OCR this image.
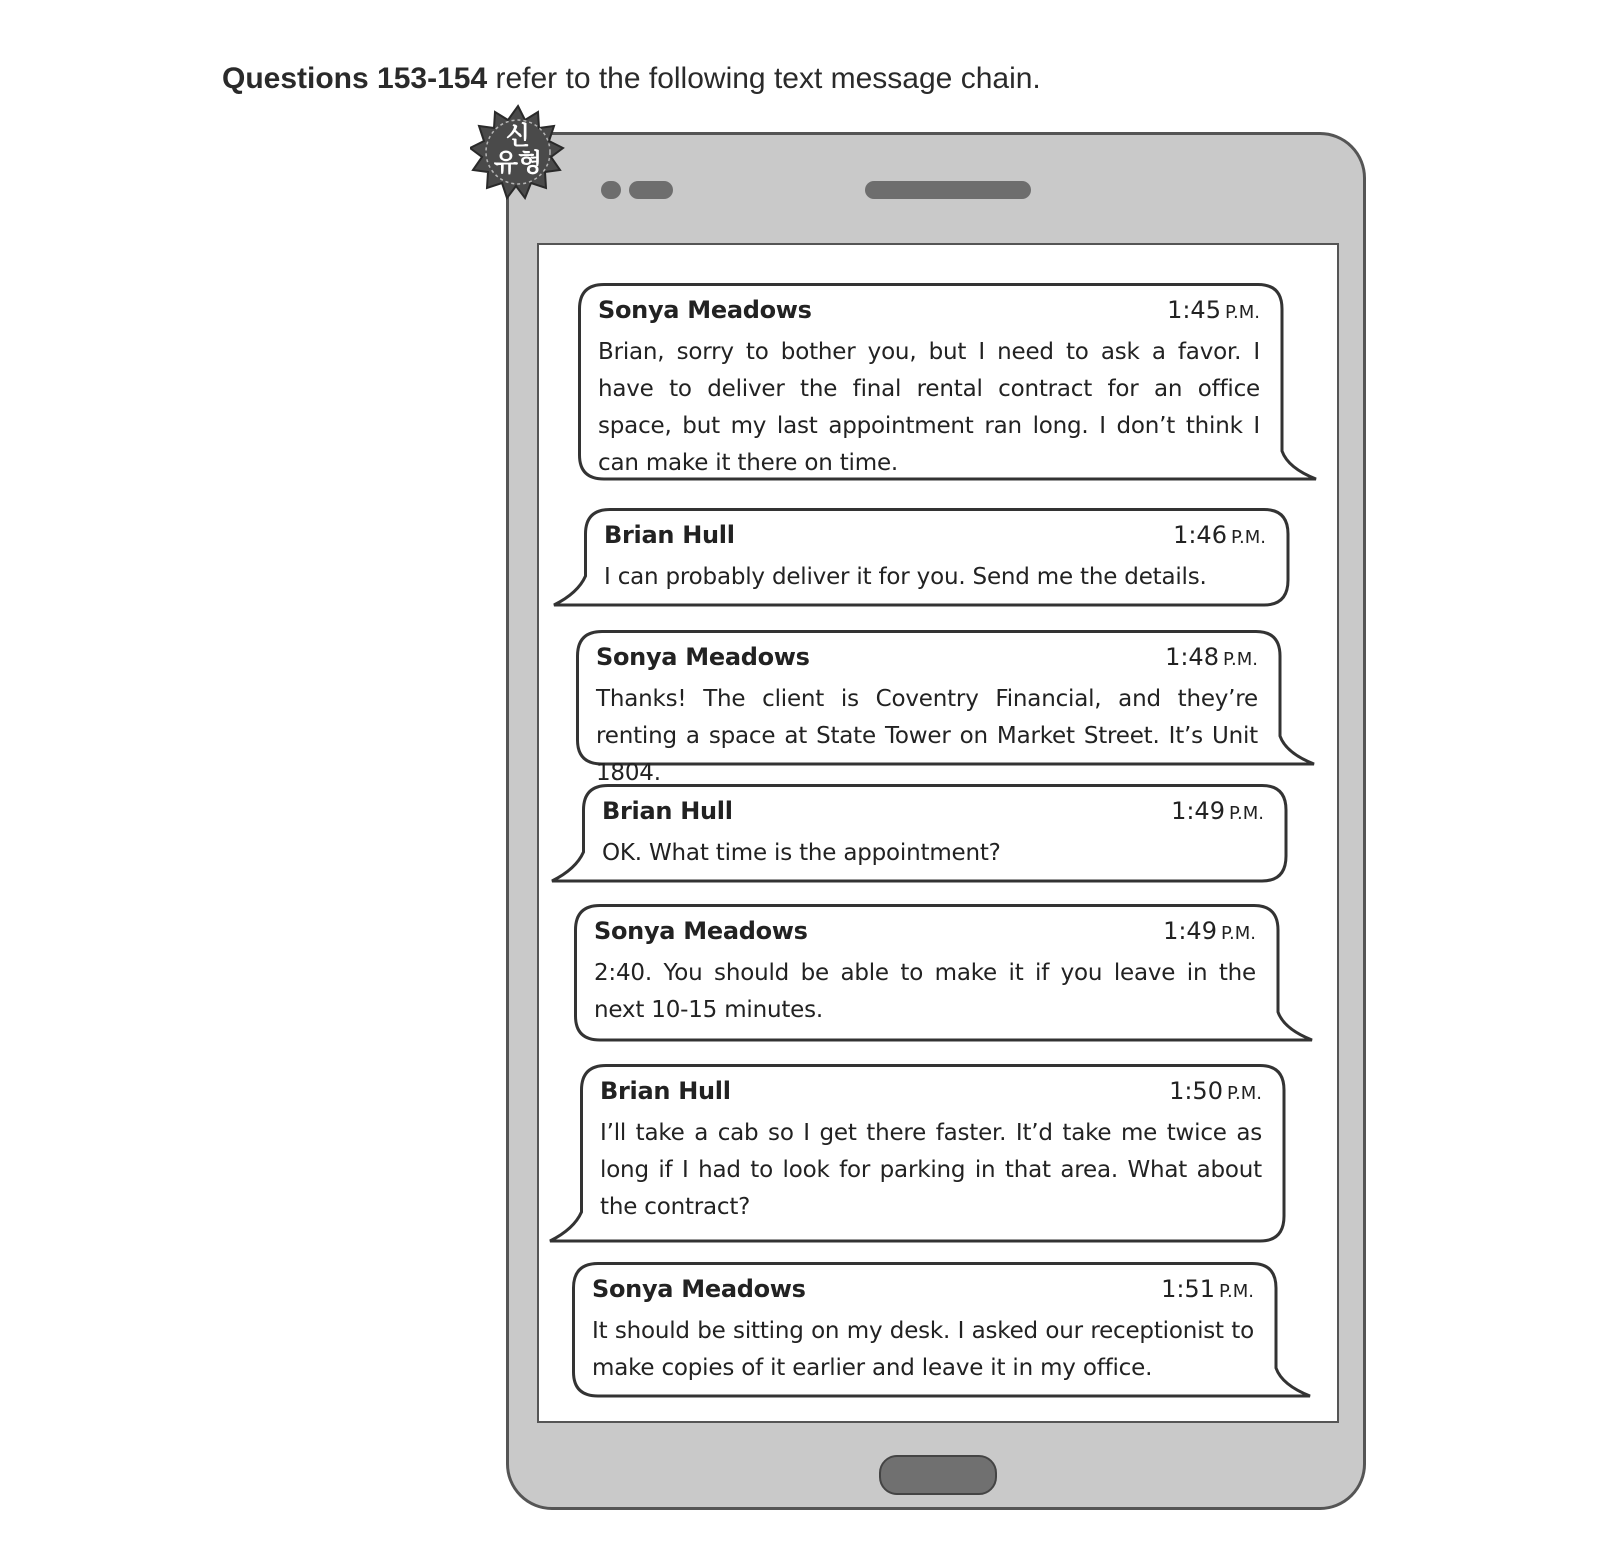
Questions 153-154 refer to the following text message chain.
신
유형
Sonya Meadows	1:45 P.M.
Brian, sorry to bother you, but I need to ask a favor. I have to deliver the final rental contract for an office space, but my last appointment ran long. I don’t think I can make it there on time.
Brian Hull	1:46 P.M.
I can probably deliver it for you. Send me the details.
Sonya Meadows	1:48 P.M.
Thanks! The client is Coventry Financial, and they’re renting a space at State Tower on Market Street. It’s Unit 1804.
Brian Hull	1:49 P.M.
OK. What time is the appointment?
Sonya Meadows	1:49 P.M.
2:40. You should be able to make it if you leave in the next 10-15 minutes.
Brian Hull	1:50 P.M.
I’ll take a cab so I get there faster. It’d take me twice as long if I had to look for parking in that area. What about the contract?
Sonya Meadows	1:51 P.M.
It should be sitting on my desk. I asked our receptionist to make copies of it earlier and leave it in my office.
